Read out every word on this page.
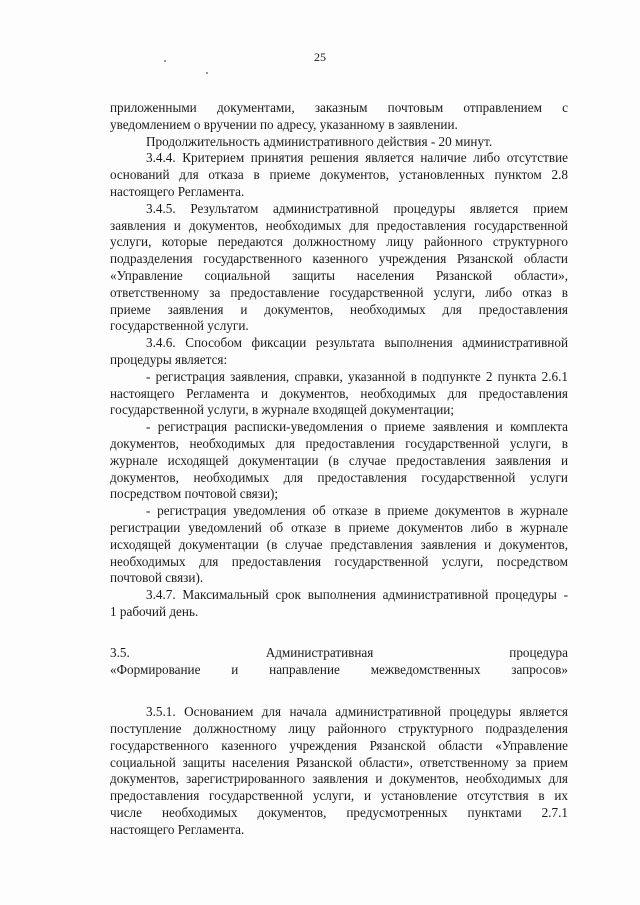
25

приложенными документами, заказным почтовым отправлением с

уведомлением о вручении по адресу, указанному в заявлении.

Продолжительность административного действия - 20 минут.

3.4.4. Критерием принятия решения является наличие либо отсутствие

оснований для отказа в приеме документов, установленных пунктом 2.8

настоящего Регламента.

3.4.5. Результатом административной процедуры является прием

заявления и документов, необходимых для предоставления государственной

услуги, которые передаются должностному лицу районного структурного

подразделения государственного казенного учреждения Рязанской области

«Управление социальной защиты населения Рязанской области»,

ответственному за предоставление государственной услуги, либо отказ в

приеме заявления и документов, необходимых для предоставления

государственной услуги.

3.4.6. Способом фиксации результата выполнения административной

процедуры является:

- регистрация заявления, справки, указанной в подпункте 2 пункта 2.6.1

настоящего Регламента и документов, необходимых для предоставления

государственной услуги, в журнале входящей документации;

- регистрация расписки-уведомления о приеме заявления и комплекта

документов, необходимых для предоставления государственной услуги, в

журнале исходящей документации (в случае предоставления заявления и

документов, необходимых для предоставления государственной услуги

посредством почтовой связи);

- регистрация уведомления об отказе в приеме документов в журнале

регистрации уведомлений об отказе в приеме документов либо в журнале

исходящей документации (в случае представления заявления и документов,

необходимых для предоставления государственной услуги, посредством

почтовой связи).

3.4.7. Максимальный срок выполнения административной процедуры -

1 рабочий день.

3.5. Административная процедура

«Формирование и направление межведомственных запросов»

3.5.1. Основанием для начала административной процедуры является

поступление должностному лицу районного структурного подразделения

государственного казенного учреждения Рязанской области «Управление

социальной защиты населения Рязанской области», ответственному за прием

документов, зарегистрированного заявления и документов, необходимых для

предоставления государственной услуги, и установление отсутствия в их

числе необходимых документов, предусмотренных пунктами 2.7.1

настоящего Регламента.
